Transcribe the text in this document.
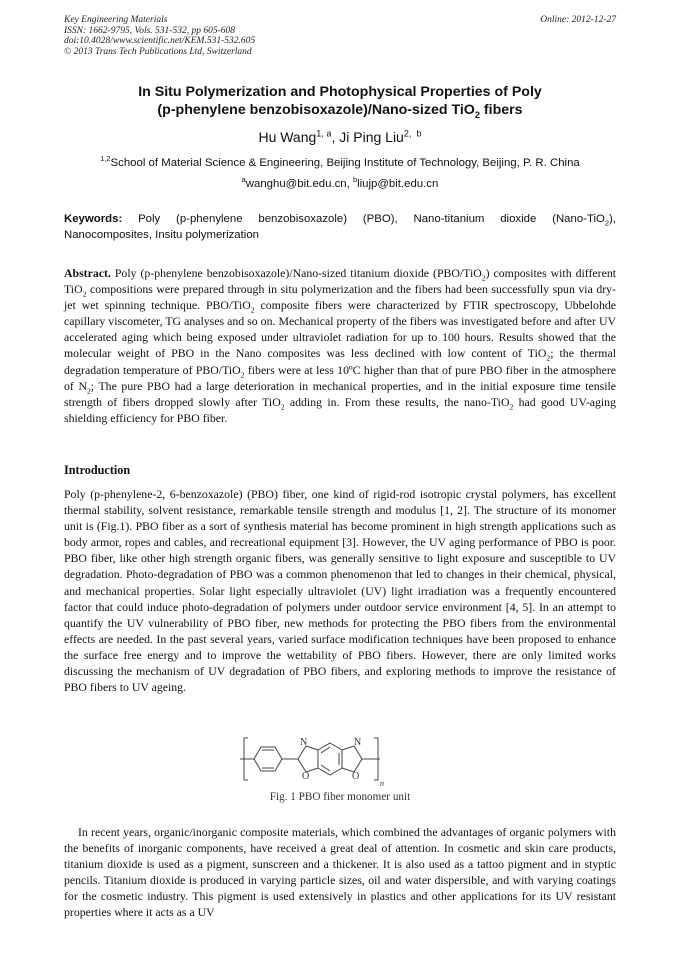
Key Engineering Materials
ISSN: 1662-9795, Vols. 531-532, pp 605-608
doi:10.4028/www.scientific.net/KEM.531-532.605
© 2013 Trans Tech Publications Ltd, Switzerland
Online: 2012-12-27
In Situ Polymerization and Photophysical Properties of Poly
(p-phenylene benzobisoxazole)/Nano-sized TiO$_2$ fibers
Hu Wang$^{1, a}$, Ji Ping Liu$^{2, b}$
$^{1,2}$School of Material Science & Engineering, Beijing Institute of Technology, Beijing, P. R. China
$^a$wanghu@bit.edu.cn, $^b$liujp@bit.edu.cn
Keywords: Poly (p-phenylene benzobisoxazole) (PBO), Nano-titanium dioxide (Nano-TiO$_2$), Nanocomposites, Insitu polymerization
Abstract. Poly (p-phenylene benzobisoxazole)/Nano-sized titanium dioxide (PBO/TiO$_2$) composites with different TiO$_2$ compositions were prepared through in situ polymerization and the fibers had been successfully spun via dry-jet wet spinning technique. PBO/TiO$_2$ composite fibers were characterized by FTIR spectroscopy, Ubbelohde capillary viscometer, TG analyses and so on. Mechanical property of the fibers was investigated before and after UV accelerated aging which being exposed under ultraviolet radiation for up to 100 hours. Results showed that the molecular weight of PBO in the Nano composites was less declined with low content of TiO$_2$; the thermal degradation temperature of PBO/TiO$_2$ fibers were at less 10ºC higher than that of pure PBO fiber in the atmosphere of $N_2$; The pure PBO had a large deterioration in mechanical properties, and in the initial exposure time tensile strength of fibers dropped slowly after TiO$_2$ adding in. From these results, the nano-TiO$_2$ had good UV-aging shielding efficiency for PBO fiber.
Introduction
Poly (p-phenylene-2, 6-benzoxazole) (PBO) fiber, one kind of rigid-rod isotropic crystal polymers, has excellent thermal stability, solvent resistance, remarkable tensile strength and modulus [1, 2]. The structure of its monomer unit is (Fig.1). PBO fiber as a sort of synthesis material has become prominent in high strength applications such as body armor, ropes and cables, and recreational equipment [3]. However, the UV aging performance of PBO is poor. PBO fiber, like other high strength organic fibers, was generally sensitive to light exposure and susceptible to UV degradation. Photo-degradation of PBO was a common phenomenon that led to changes in their chemical, physical, and mechanical properties. Solar light especially ultraviolet (UV) light irradiation was a frequently encountered factor that could induce photo-degradation of polymers under outdoor service environment [4, 5]. In an attempt to quantify the UV vulnerability of PBO fiber, new methods for protecting the PBO fibers from the environmental effects are needed. In the past several years, varied surface modification techniques have been proposed to enhance the surface free energy and to improve the wettability of PBO fibers. However, there are only limited works discussing the mechanism of UV degradation of PBO fibers, and exploring methods to improve the resistance of PBO fibers to UV ageing.
N
O
N
O
n
Fig. 1 PBO fiber monomer unit
In recent years, organic/inorganic composite materials, which combined the advantages of organic polymers with the benefits of inorganic components, have received a great deal of attention. In cosmetic and skin care products, titanium dioxide is used as a pigment, sunscreen and a thickener. It is also used as a tattoo pigment and in styptic pencils. Titanium dioxide is produced in varying particle sizes, oil and water dispersible, and with varying coatings for the cosmetic industry. This pigment is used extensively in plastics and other applications for its UV resistant properties where it acts as a UV
